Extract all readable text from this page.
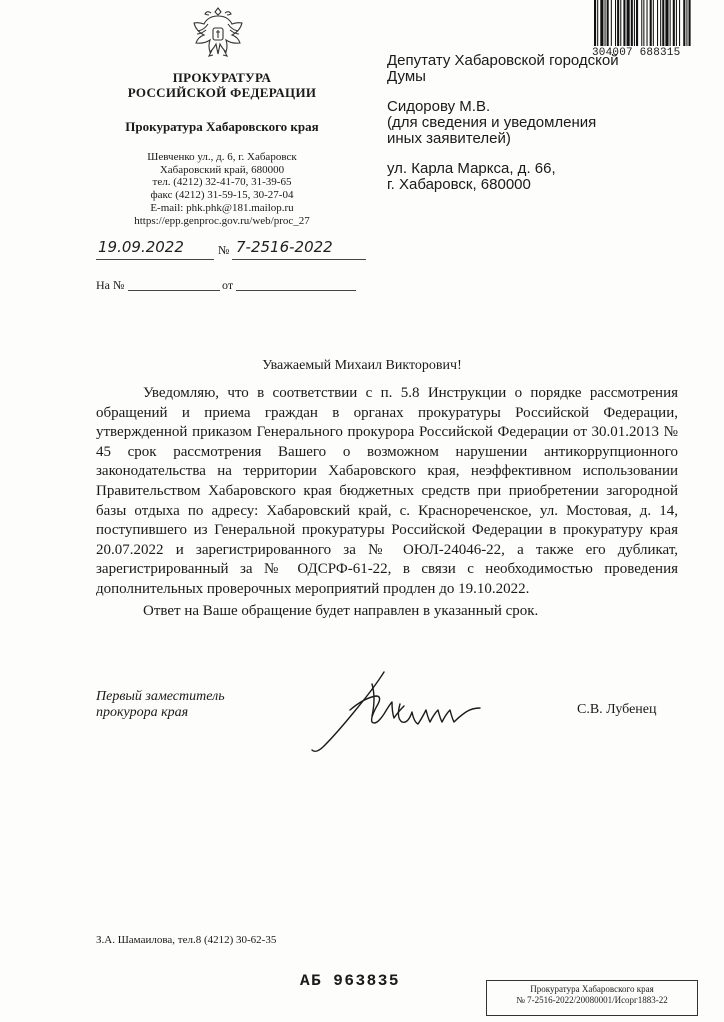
ПРОКУРАТУРА
РОССИЙСКОЙ ФЕДЕРАЦИИ
Прокуратура Хабаровского края
Шевченко ул., д. 6, г. Хабаровск
Хабаровский край, 680000
тел. (4212) 32-41-70, 31-39-65
факс (4212) 31-59-15, 30-27-04
E-mail: phk.phk@181.mailop.ru
https://epp.genproc.gov.ru/web/proc_27
19.09.2022	№ 7-2516-2022
На №	от
304007 688315
Депутату Хабаровской городской
Думы
Сидорову М.В.
(для сведения и уведомления
иных заявителей)
ул. Карла Маркса, д. 66,
г. Хабаровск, 680000
Уважаемый Михаил Викторович!

Уведомляю, что в соответствии с п. 5.8 Инструкции о порядке рассмотрения обращений и приема граждан в органах прокуратуры Российской Федерации, утвержденной приказом Генерального прокурора Российской Федерации от 30.01.2013 № 45 срок рассмотрения Вашего о возможном нарушении антикоррупционного законодательства на территории Хабаровского края, неэффективном использовании Правительством Хабаровского края бюджетных средств при приобретении загородной базы отдыха по адресу: Хабаровский край, с. Краснореченское, ул. Мостовая, д. 14, поступившего из Генеральной прокуратуры Российской Федерации в прокуратуру края 20.07.2022 и зарегистрированного за № ОЮЛ-24046-22, а также его дубликат, зарегистрированный за № ОДСРФ-61-22, в связи с необходимостью проведения дополнительных проверочных мероприятий продлен до 19.10.2022.

Ответ на Ваше обращение будет направлен в указанный срок.

Первый заместитель
прокурора края	С.В. Лубенец
З.А. Шамаилова, тел.8 (4212) 30-62-35
АБ 963835	Прокуратура Хабаровского края
№ 7-2516-2022/20080001/Исорг1883-22
